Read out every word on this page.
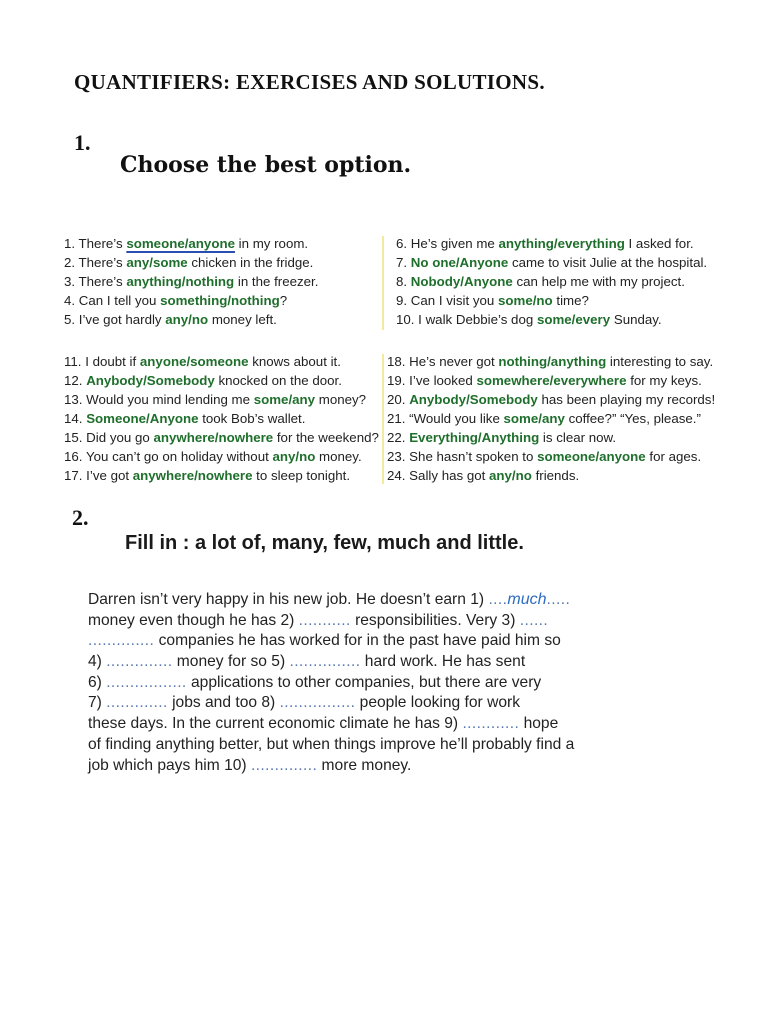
QUANTIFIERS: EXERCISES AND SOLUTIONS.
1.
Choose the best option.
1. There’s someone/anyone in my room.
2. There’s any/some chicken in the fridge.
3. There’s anything/nothing in the freezer.
4. Can I tell you something/nothing?
5. I’ve got hardly any/no money left.
6. He’s given me anything/everything I asked for.
7. No one/Anyone came to visit Julie at the hospital.
8. Nobody/Anyone can help me with my project.
9. Can I visit you some/no time?
10. I walk Debbie’s dog some/every Sunday.
11. I doubt if anyone/someone knows about it.
12. Anybody/Somebody knocked on the door.
13. Would you mind lending me some/any money?
14. Someone/Anyone took Bob’s wallet.
15. Did you go anywhere/nowhere for the weekend?
16. You can’t go on holiday without any/no money.
17. I’ve got anywhere/nowhere to sleep tonight.
18. He’s never got nothing/anything interesting to say.
19. I’ve looked somewhere/everywhere for my keys.
20. Anybody/Somebody has been playing my records!
21. “Would you like some/any coffee?” “Yes, please.”
22. Everything/Anything is clear now.
23. She hasn’t spoken to someone/anyone for ages.
24. Sally has got any/no friends.
2.
Fill in : a lot of, many, few, much and little.
Darren isn’t very happy in his new job. He doesn’t earn 1) ....much.....
money even though he has 2) ........... responsibilities. Very 3) ......
.............. companies he has worked for in the past have paid him so
4) .............. money for so 5) ............... hard work. He has sent
6) ................. applications to other companies, but there are very
7) ............. jobs and too 8) ................ people looking for work
these days. In the current economic climate he has 9) ............ hope
of finding anything better, but when things improve he’ll probably find a
job which pays him 10) .............. more money.
